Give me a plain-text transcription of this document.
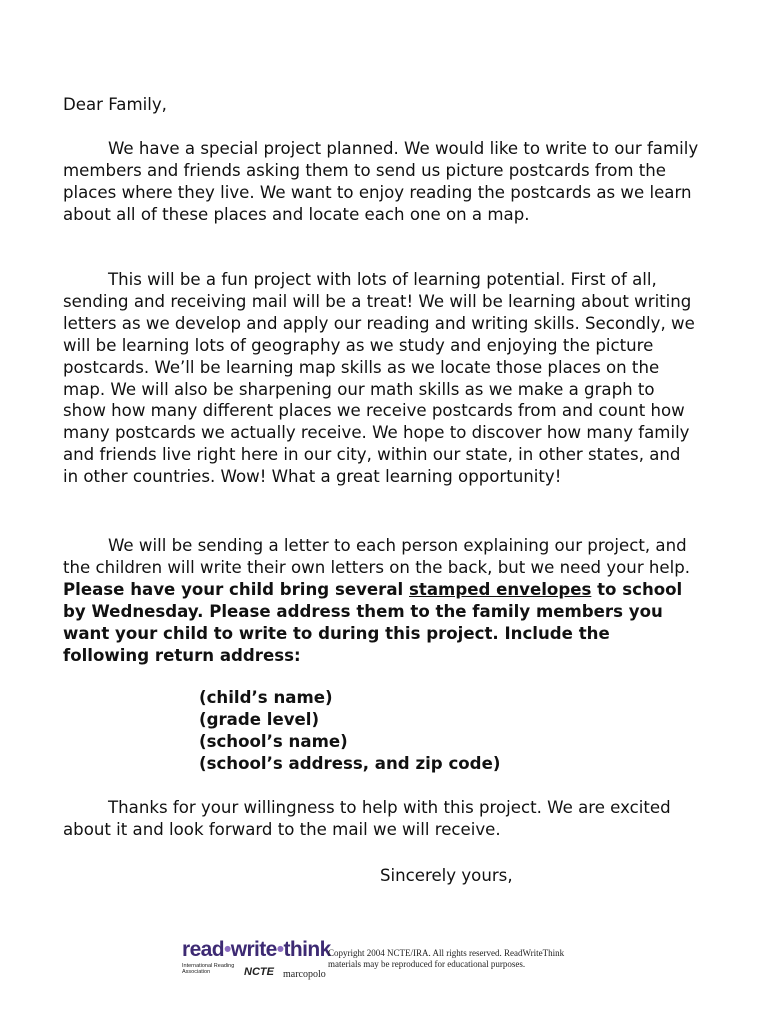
Dear Family,

We have a special project planned. We would like to write to our family members and friends asking them to send us picture postcards from the places where they live. We want to enjoy reading the postcards as we learn about all of these places and locate each one on a map.

This will be a fun project with lots of learning potential. First of all, sending and receiving mail will be a treat! We will be learning about writing letters as we develop and apply our reading and writing skills. Secondly, we will be learning lots of geography as we study and enjoying the picture postcards. We’ll be learning map skills as we locate those places on the map. We will also be sharpening our math skills as we make a graph to show how many different places we receive postcards from and count how many postcards we actually receive. We hope to discover how many family and friends live right here in our city, within our state, in other states, and in other countries. Wow! What a great learning opportunity!

We will be sending a letter to each person explaining our project, and the children will write their own letters on the back, but we need your help. Please have your child bring several stamped envelopes to school by Wednesday. Please address them to the family members you want your child to write to during this project. Include the following return address:

(child’s name)
(grade level)
(school’s name)
(school’s address, and zip code)

Thanks for your willingness to help with this project. We are excited about it and look forward to the mail we will receive.

Sincerely yours,

read•write•think
International Reading Association	NCTE marcopolo
Copyright 2004 NCTE/IRA. All rights reserved. ReadWriteThink materials may be reproduced for educational purposes.
